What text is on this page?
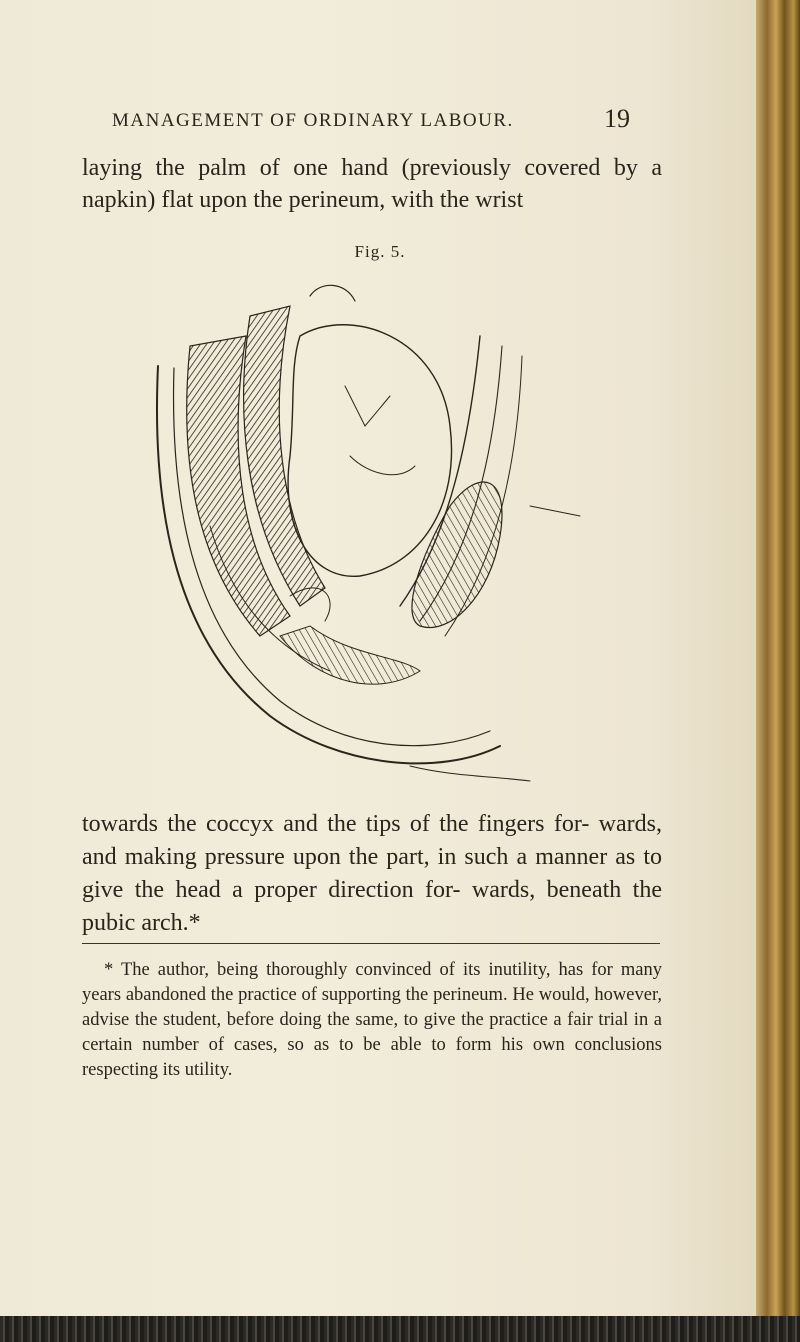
MANAGEMENT OF ORDINARY LABOUR.	19
laying the palm of one hand (previously covered by a napkin) flat upon the perineum, with the wrist
Fig. 5.
towards the coccyx and the tips of the fingers for- wards, and making pressure upon the part, in such a manner as to give the head a proper direction for- wards, beneath the pubic arch.*
* The author, being thoroughly convinced of its inutility, has for many years abandoned the practice of supporting the perineum. He would, however, advise the student, before doing the same, to give the practice a fair trial in a certain number of cases, so as to be able to form his own conclusions respecting its utility.
